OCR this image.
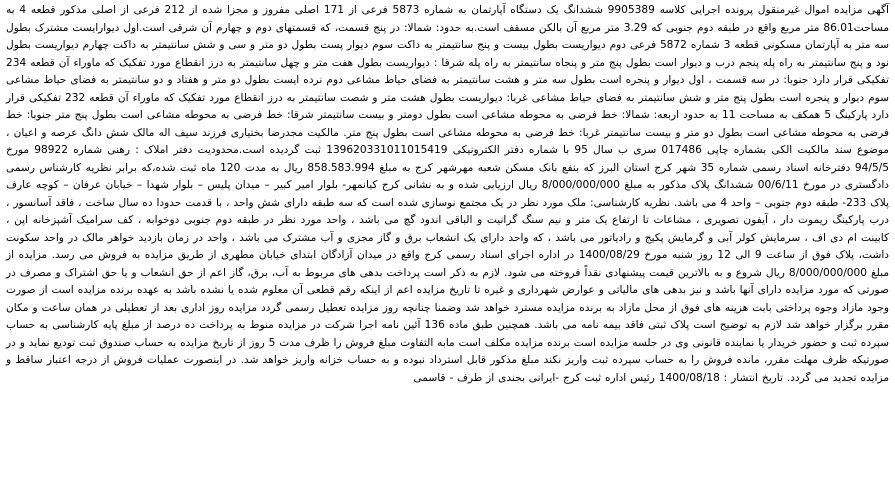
آگهی مزایده اموال غیرمنقول پرونده اجرایی کلاسه 9905389 ششدانگ یک دستگاه آپارتمان به شماره 5873 فرعی از 171 اصلی مفروز و مجزا شده از 212 فرعی از اصلی مذکور قطعه 4 به مساحت86.01 متر مربع واقع در طبقه دوم جنوبی که 3.29 متر مربع آن بالکن مسقف است.به حدود: شمالا: در پنج قسمت، که قسمتهای دوم و چهارم آن شرقی است.اول دیوارایست مشترک بطول سه متر به آپارتمان مسکونی قطعه 3 شماره 5872 فرعی دوم دیواریست بطول بیست و پنج سانتیمتر به داکت سوم دیوار پست بطول دو متر و سی و شش سانتیمتر به داکت چهارم دیواریست بطول نود و پنج سانتیمتر به راه پله پنجم درب و دیوار است بطول پنج متر و پنجاه سانتیمتر به راه پله شرقا : دیواریست بطول هفت متر و چهل سانتیمتر به درز انقطاع مورد تفکیک که ماوراء آن قطعه 234 تفکیکی قرار دارد جنوبا: در سه قسمت ، اول دیوار و پنجره است بطول سه متر و هشت سانتیمتر به فضای حیاط مشاعی دوم نرده ایست بطول دو متر و هفتاد و دو سانتیمتر به فضای حیاط مشاعی سوم دیوار و پنجره است بطول پنج متر و شش سانتیمتر به فضای حیاط مشاعی غربا: دیواریست بطول هشت متر و شصت سانتیمتر به درز انقطاع مورد تفکیک که ماوراء آن قطعه 232 تفکیکی قرار دارد پارکینگ 5 همکف به مساحت 11 به حدود اربعه: شمالا: خط فرضی به محوطه مشاعی است بطول دومتر و بیست سانتیمتر شرقا: خط فرضی به محوطه مشاعی است بطول پنج متر جنوبا: خط فرضی به محوطه مشاعی است بطول دو متر و بیست سانتیمتر غربا: خط فرضی به محوطه مشاعی است بطول پنج متر. مالکیت مجدرضا بختیاری فرزند سیف اله مالک شش دانگ عرصه و اعیان ، موضوع سند مالکیت الکی بشماره چاپی 017486 سری ب سال 95 با شماره دفتر الکترونیکی 139620331011015419 ثبت گردیده است.محدودیت دفتر املاک : رهنی شماره 98922 مورخ 94/5/5 دفترخانه اسناد رسمی شماره 35 شهر کرج استان البرز که بنفع بانک مسکن شعبه مهرشهر کرج به مبلغ 858.583.994 ریال به مدت 120 ماه ثبت شده،که برابر نظریه کارشناس رسمی دادگستری در مورخ 00/6/11 ششدانگ پلاک مذکور به مبلغ 8/000/000/000 ریال ارزیابی شده و به نشانی کرج کیانمهر- بلوار امیر کبیر – میدان پلیس – بلوار شهدا – خیابان عرفان – کوچه عارف پلاک 233- طبقه دوم جنوبی – واحد 4 می باشد. نظریه کارشناسی: ملک مورد نظر در یک مجتمع نوسازی شده است که سه طبقه دارای شش واحد ، با قدمت حدودا ده سال ساخت ، فاقد آسانسور ، درب پارکینگ ریموت دار ، آیفون تصویری ، مشاعات تا ارتفاع یک متر و نیم سنگ گرانیت و الباقی اندود گچ می باشد ، واحد مورد نظر در طبقه دوم جنوبی دوخوابه ، کف سرامیک آشپزخانه اپن ، کابینت ام دی اف ، سرمایش کولر آبی و گرمایش پکیج و رادیاتور می باشد ، که واحد دارای یک انشعاب برق و گاز مجزی و آب مشترک می باشد ، واحد در زمان بازدید خواهر مالک در واحد سکونت داشت، پلاک فوق از ساعت 9 الی 12 روز شنبه مورخ 1400/08/29 در اداره اجرای اسناد رسمی کرج واقع در میدان آزادگان ابتدای خیابان مطهری از طریق مزایده به فروش می رسد. مزایده از مبلغ 8/000/000/000 ریال شروع و به بالاترین قیمت پیشنهادی نقداً فروخته می شود. لازم به ذکر است پرداخت بدهی های مربوط به آب، برق، گاز اعم از حق انشعاب و یا حق اشتراک و مصرف در صورتی که مورد مزایده دارای آنها باشد و نیز بدهی های مالیاتی و عوارض شهرداری و غیره تا تاریخ مزایده اعم از اینکه رقم قطعی آن معلوم شده یا نشده باشد به عهده برنده مزایده است از صورت وجود مازاد وجوه پرداختی بابت هزینه های فوق از محل مازاد به برنده مزایده مسترد خواهد شد وضمنا چنانچه روز مزایده تعطیل رسمی گردد مزایده روز اداری بعد از تعطیلی در همان ساعت و مکان مقرر برگزار خواهد شد لازم به توضیح است پلاک ثبتی فاقد بیمه نامه می باشد. همچنین طبق ماده 136 آئین نامه اجرا شرکت در مزایده منوط به پرداخت ده درصد از مبلغ پایه کارشناسی به حساب سپرده ثبت و حضور خریدار یا نماینده قانونی وی در جلسه مزایده است برنده مزایده مکلف است مابه التفاوت مبلغ فروش را ظرف مدت 5 روز از تاریخ مزایده به حساب صندوق ثبت تودیع نماید و در صورتیکه ظرف مهلت مقرر، مانده فروش را به حساب سپرده ثبت واریز نکند مبلغ مذکور قابل استرداد نبوده و به حساب خزانه واریز خواهد شد. در اینصورت عملیات فروش از درجه اعتبار ساقط و مزایده تجدید می گردد. تاریخ انتشار : 1400/08/18 رئیس اداره ثبت کرج -ایرانی بجندی از طرف - قاسمی
